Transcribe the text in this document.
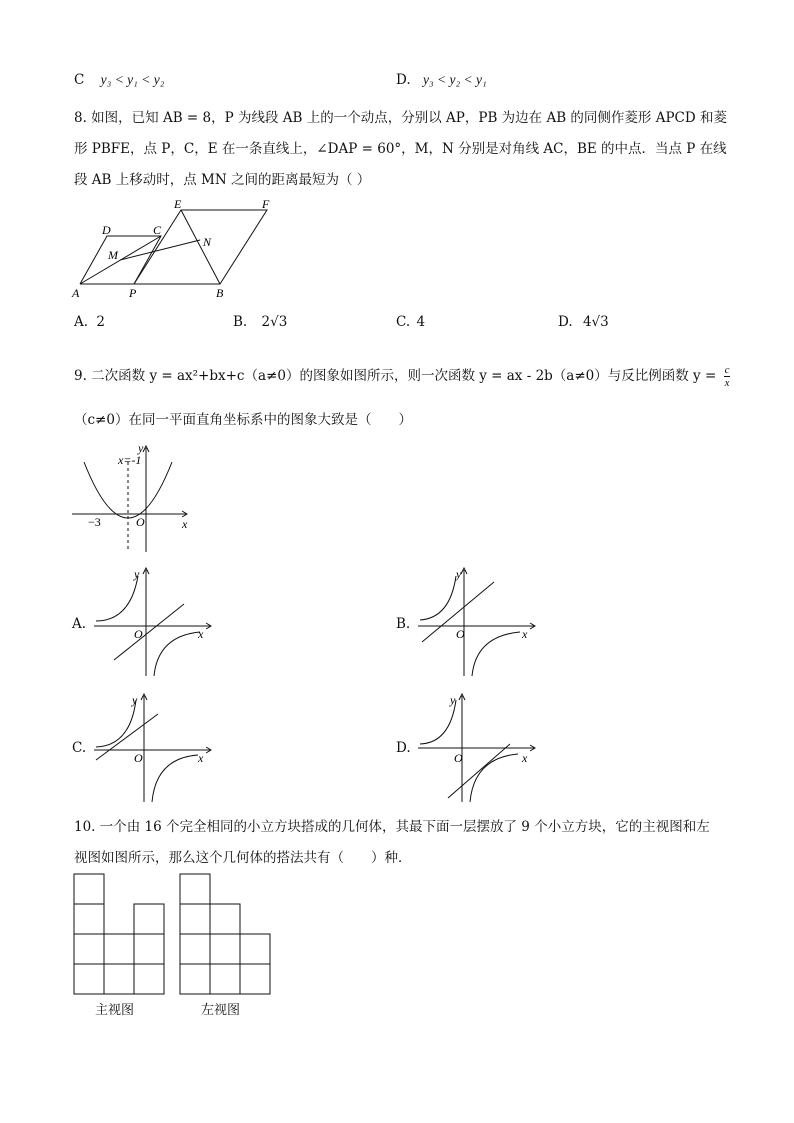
C y₃ < y₁ < y₂	D. y₃ < y₂ < y₁
8. 如图，已知 AB = 8，P 为线段 AB 上的一个动点，分别以 AP，PB 为边在 AB 的同侧作菱形 APCD 和菱
形 PBFE，点 P，C，E 在一条直线上，∠DAP = 60°，M，N 分别是对角线 AC，BE 的中点．当点 P 在线
段 AB 上移动时，点 MN 之间的距离最短为（ ）
A	P	B
D	C
E	F
M
N
A. 2	B. 2√3	C. 4	D. 4√3
9. 二次函数 y = ax²+bx+c（a≠0）的图象如图所示，则一次函数 y = ax - 2b（a≠0）与反比例函数 $y = \frac{c}{x}$
（c≠0）在同一平面直角坐标系中的图象大致是（　　）
x=-1
y
x
O
−3
A.
y
x
O
B.
y
x
O
C.
y
x
O
D.
y
x
O
10. 一个由 16 个完全相同的小立方块搭成的几何体，其最下面一层摆放了 9 个小立方块，它的主视图和左
视图如图所示，那么这个几何体的搭法共有（　　）种．
主视图	左视图
